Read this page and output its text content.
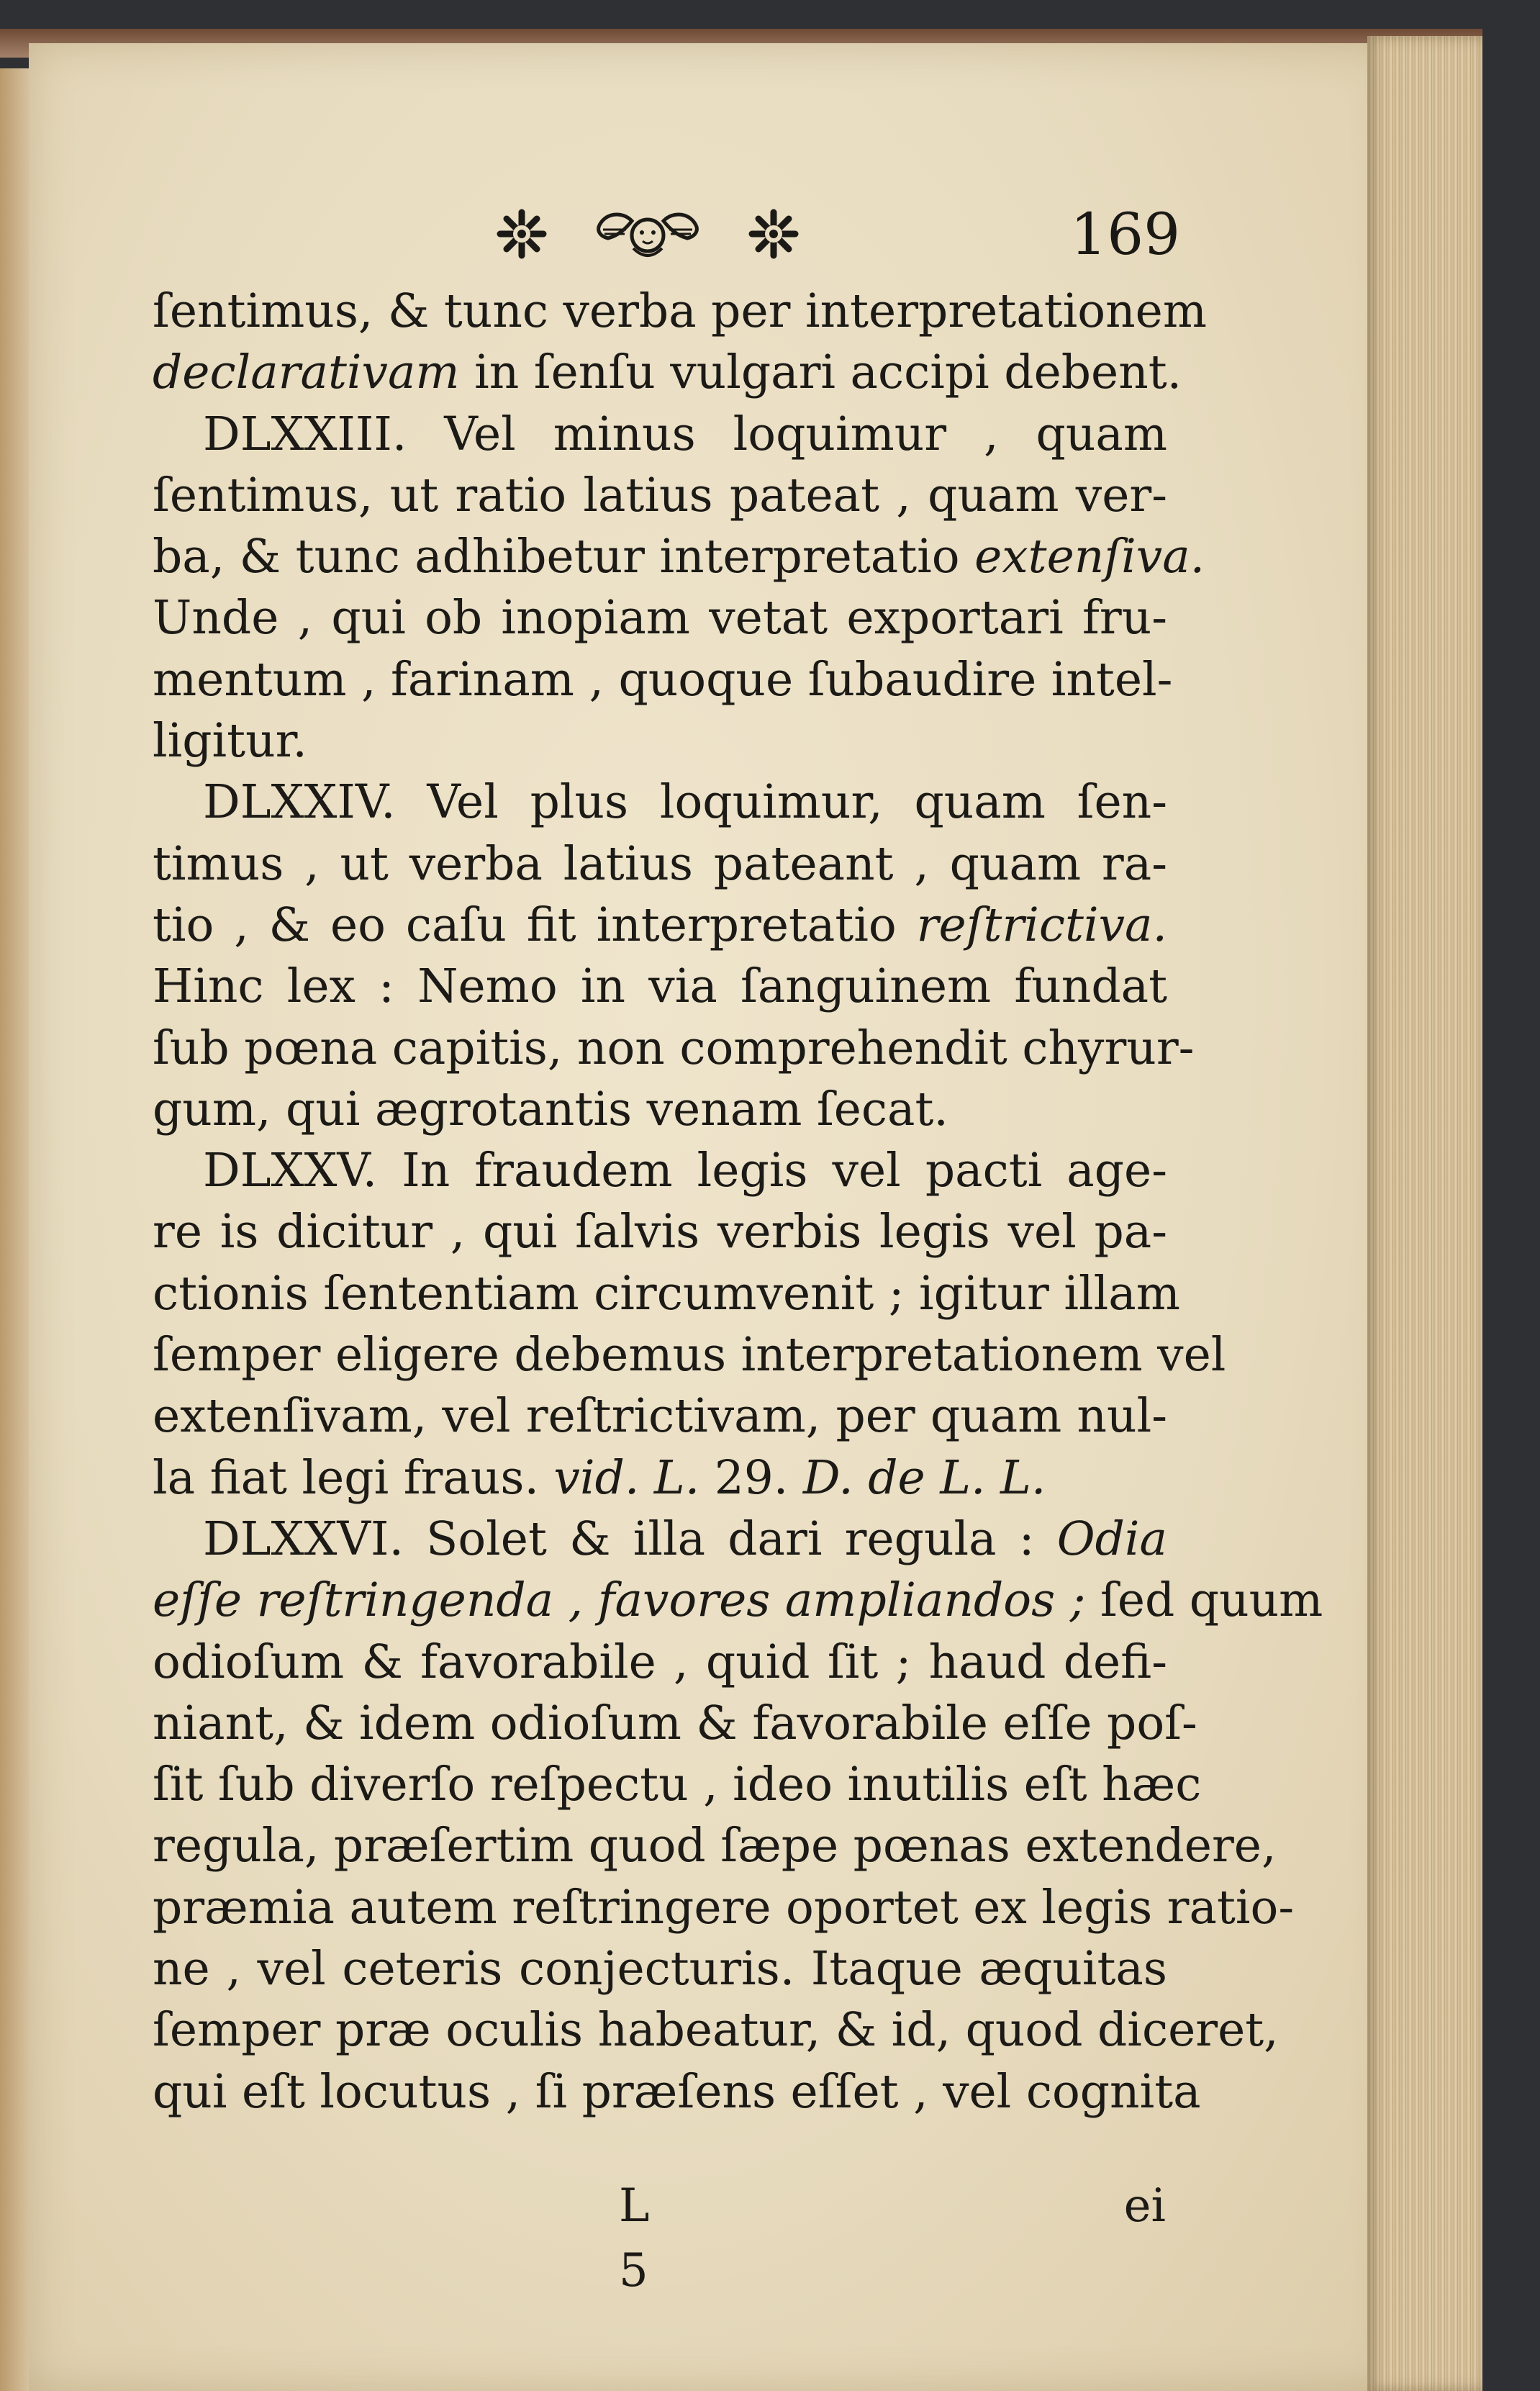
169
ſentimus, & tunc verba per interpretationem
declarativam in ſenſu vulgari accipi debent.
DLXXIII. Vel minus loquimur , quam
ſentimus, ut ratio latius pateat , quam ver-
ba, & tunc adhibetur interpretatio extenſiva.
Unde , qui ob inopiam vetat exportari fru-
mentum , farinam , quoque ſubaudire intel-
ligitur.
DLXXIV. Vel plus loquimur, quam ſen-
timus , ut verba latius pateant , quam ra-
tio , & eo caſu fit interpretatio reſtrictiva.
Hinc lex : Nemo in via ſanguinem fundat
ſub pœna capitis, non comprehendit chyrur-
gum, qui ægrotantis venam ſecat.
DLXXV. In fraudem legis vel pacti age-
re is dicitur , qui ſalvis verbis legis vel pa-
ctionis ſententiam circumvenit ; igitur illam
ſemper eligere debemus interpretationem vel
extenſivam, vel reſtrictivam, per quam nul-
la fiat legi fraus. vid. L. 29. D. de L. L.
DLXXVI. Solet & illa dari regula : Odia
eſſe reſtringenda , favores ampliandos ; ſed quum
odioſum & favorabile , quid ſit ; haud defi-
niant, & idem odioſum & favorabile eſſe poſ-
ſit ſub diverſo reſpectu , ideo inutilis eſt hæc
regula, præſertim quod ſæpe pœnas extendere,
præmia autem reſtringere oportet ex legis ratio-
ne , vel ceteris conjecturis. Itaque æquitas
ſemper præ oculis habeatur, & id, quod diceret,
qui eſt locutus , ſi præſens eſſet , vel cognita
L 5
ei
